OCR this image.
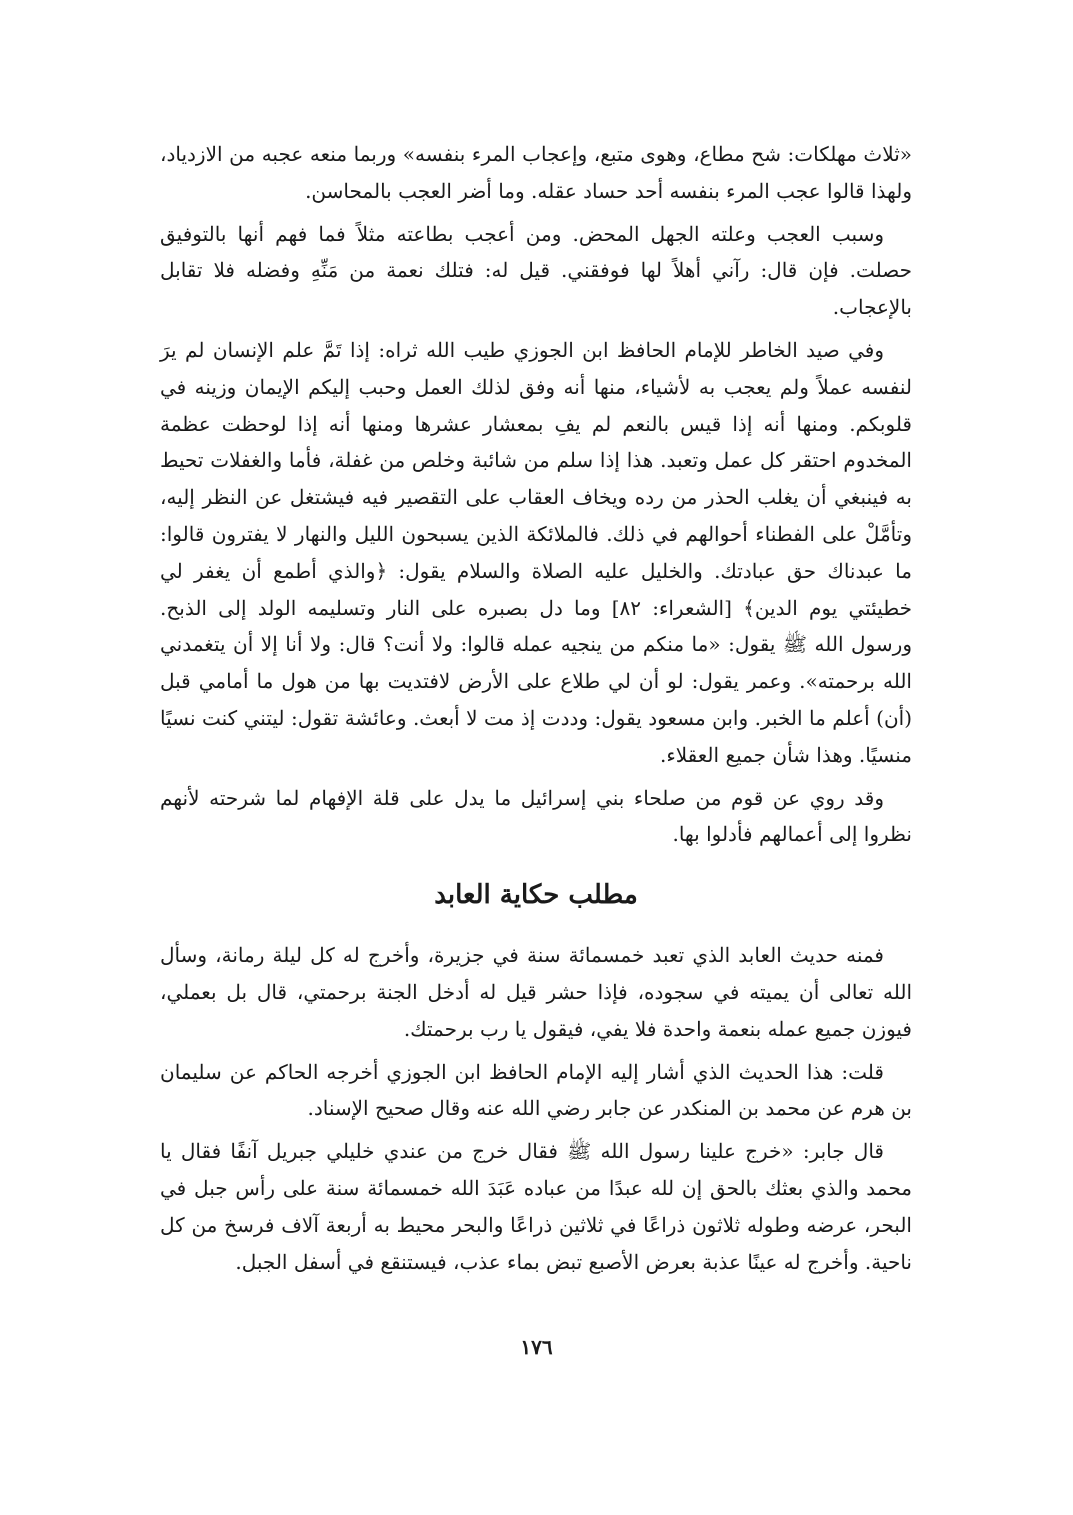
«ثلاث مهلكات: شح مطاع، وهوى متبع، وإعجاب المرء بنفسه» وربما منعه عجبه من الازدياد، ولهذا قالوا عجب المرء بنفسه أحد حساد عقله. وما أضر العجب بالمحاسن.

وسبب العجب وعلته الجهل المحض. ومن أعجب بطاعته مثلاً فما فهم أنها بالتوفيق حصلت. فإن قال: رآني أهلاً لها فوفقني. قيل له: فتلك نعمة من مَنِّهِ وفضله فلا تقابل بالإعجاب.

وفي صيد الخاطر للإمام الحافظ ابن الجوزي طيب الله ثراه: إذا تَمَّ علم الإنسان لم يرَ لنفسه عملاً ولم يعجب به لأشياء، منها أنه وفق لذلك العمل وحبب إليكم الإيمان وزينه في قلوبكم. ومنها أنه إذا قيس بالنعم لم يفِ بمعشار عشرها ومنها أنه إذا لوحظت عظمة المخدوم احتقر كل عمل وتعبد. هذا إذا سلم من شائبة وخلص من غفلة، فأما والغفلات تحيط به فينبغي أن يغلب الحذر من رده ويخاف العقاب على التقصير فيه فيشتغل عن النظر إليه، وتأمَّلْ على الفطناء أحوالهم في ذلك. فالملائكة الذين يسبحون الليل والنهار لا يفترون قالوا: ما عبدناك حق عبادتك. والخليل عليه الصلاة والسلام يقول: ﴿والذي أطمع أن يغفر لي خطيئتي يوم الدين﴾ [الشعراء: ٨٢] وما دل بصبره على النار وتسليمه الولد إلى الذبح. ورسول الله ﷺ يقول: «ما منكم من ينجيه عمله قالوا: ولا أنت؟ قال: ولا أنا إلا أن يتغمدني الله برحمته». وعمر يقول: لو أن لي طلاع على الأرض لافتديت بها من هول ما أمامي قبل (أن) أعلم ما الخبر. وابن مسعود يقول: وددت إذ مت لا أبعث. وعائشة تقول: ليتني كنت نسيًا منسيًا. وهذا شأن جميع العقلاء.

وقد روي عن قوم من صلحاء بني إسرائيل ما يدل على قلة الإفهام لما شرحته لأنهم نظروا إلى أعمالهم فأدلوا بها.

مطلب حكاية العابد

فمنه حديث العابد الذي تعبد خمسمائة سنة في جزيرة، وأخرج له كل ليلة رمانة، وسأل الله تعالى أن يميته في سجوده، فإذا حشر قيل له أدخل الجنة برحمتي، قال بل بعملي، فيوزن جميع عمله بنعمة واحدة فلا يفي، فيقول يا رب برحمتك.

قلت: هذا الحديث الذي أشار إليه الإمام الحافظ ابن الجوزي أخرجه الحاكم عن سليمان بن هرم عن محمد بن المنكدر عن جابر رضي الله عنه وقال صحيح الإسناد.

قال جابر: «خرج علينا رسول الله ﷺ فقال خرج من عندي خليلي جبريل آنفًا فقال يا محمد والذي بعثك بالحق إن لله عبدًا من عباده عَبَدَ الله خمسمائة سنة على رأس جبل في البحر، عرضه وطوله ثلاثون ذراعًا في ثلاثين ذراعًا والبحر محيط به أربعة آلاف فرسخ من كل ناحية. وأخرج له عينًا عذبة بعرض الأصبع تبض بماء عذب، فيستنقع في أسفل الجبل.

١٧٦
